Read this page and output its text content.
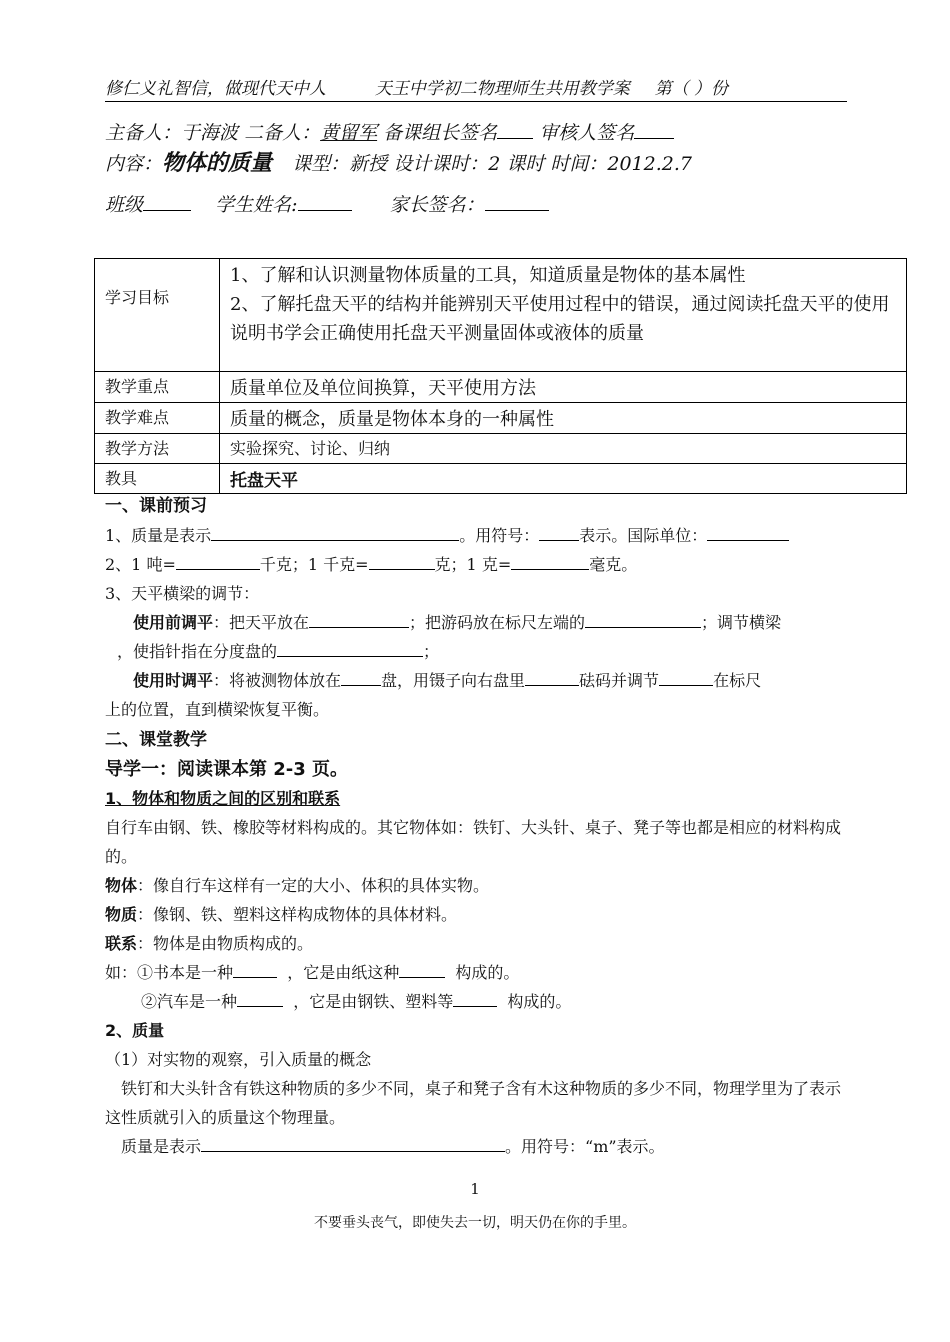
修仁义礼智信，做现代天中人	天王中学初二物理师生共用教学案 第（ ）份
主备人：于海波 二备人：黄留军 备课组长签名 审核人签名
内容：物体的质量 课型：新授 设计课时：2 课时 时间：2012.2.7
班级	学生姓名:	家长签名：
学习目标	1、了解和认识测量物体质量的工具，知道质量是物体的基本属性
2、了解托盘天平的结构并能辨别天平使用过程中的错误，通过阅读托盘天平的使用说明书学会正确使用托盘天平测量固体或液体的质量

教学重点	质量单位及单位间换算，天平使用方法
教学难点	质量的概念，质量是物体本身的一种属性
教学方法	实验探究、讨论、归纳
教具	托盘天平
一、课前预习
1、质量是表示	。用符号：	表示。国际单位：
2、1 吨=	千克；1 千克=	克；1 克=	毫克。
3、天平横梁的调节：
使用前调平：把天平放在	；把游码放在标尺左端的	；调节横梁
，使指针指在分度盘的	；
使用时调平：将被测物体放在	盘，用镊子向右盘里	砝码并调节	在标尺
上的位置，直到横梁恢复平衡。
二、课堂教学
导学一：阅读课本第 2-3 页。
1、物体和物质之间的区别和联系
自行车由钢、铁、橡胶等材料构成的。其它物体如：铁钉、大头针、桌子、凳子等也都是相应的材料构成的。
物体：像自行车这样有一定的大小、体积的具体实物。
物质：像钢、铁、塑料这样构成物体的具体材料。
联系：物体是由物质构成的。
如：①书本是一种	，它是由纸这种	构成的。
②汽车是一种	，它是由钢铁、塑料等	构成的。
2、质量
（1）对实物的观察，引入质量的概念
铁钉和大头针含有铁这种物质的多少不同，桌子和凳子含有木这种物质的多少不同，物理学里为了表示这性质就引入的质量这个物理量。
质量是表示	。用符号：“m”表示。
1
不要垂头丧气，即使失去一切，明天仍在你的手里。
